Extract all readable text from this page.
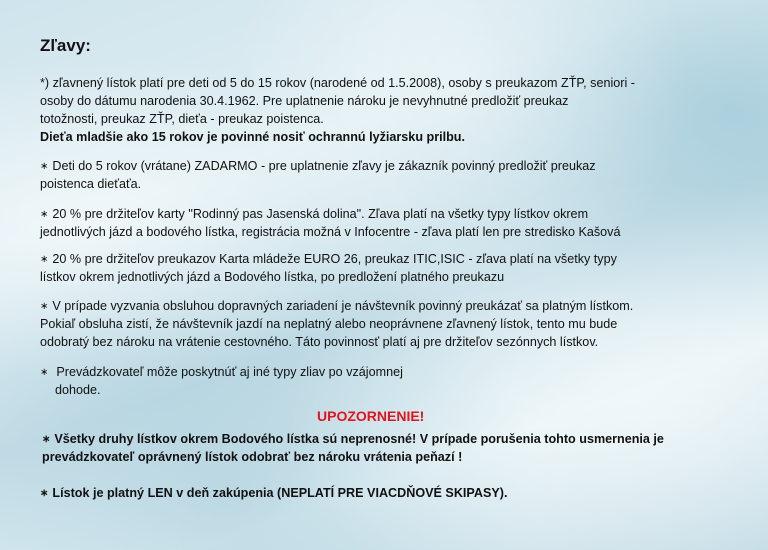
Zľavy:
*) zľavnený lístok platí pre deti od 5 do 15 rokov (narodené od 1.5.2008), osoby s preukazom ZŤP, seniori -
osoby do dátumu narodenia 30.4.1962. Pre uplatnenie nároku je nevyhnutné predložiť preukaz
totožnosti, preukaz ZŤP, dieťa - preukaz poistenca.
Dieťa mladšie ako 15 rokov je povinné nosiť ochrannú lyžiarsku prilbu.
∗ Deti do 5 rokov (vrátane) ZADARMO - pre uplatnenie zľavy je zákazník povinný predložiť preukaz
poistenca dieťaťa.
∗ 20 % pre držiteľov karty "Rodinný pas Jasenská dolina". Zľava platí na všetky typy lístkov okrem
jednotlivých jázd a bodového lístka, registrácia možná v Infocentre - zľava platí len pre stredisko Kašová
∗ 20 % pre držiteľov preukazov Karta mládeže EURO 26, preukaz ITIC,ISIC - zľava platí na všetky typy
lístkov okrem jednotlivých jázd a Bodového lístka, po predložení platného preukazu
∗ V prípade vyzvania obsluhou dopravných zariadení je návštevník povinný preukázať sa platným lístkom.
Pokiaľ obsluha zistí, že návštevník jazdí na neplatný alebo neoprávnene zľavnený lístok, tento mu bude
odobratý bez nároku na vrátenie cestovného. Táto povinnosť platí aj pre držiteľov sezónnych lístkov.
∗ Prevádzkovateľ môže poskytnúť aj iné typy zliav po vzájomnej
dohode.
UPOZORNENIE!
∗ Všetky druhy lístkov okrem Bodového lístka sú neprenosné! V prípade porušenia tohto usmernenia je
prevádzkovateľ oprávnený lístok odobrať bez nároku vrátenia peňazí !
∗ Lístok je platný LEN v deň zakúpenia (NEPLATÍ PRE VIACDŇOVÉ SKIPASY).
